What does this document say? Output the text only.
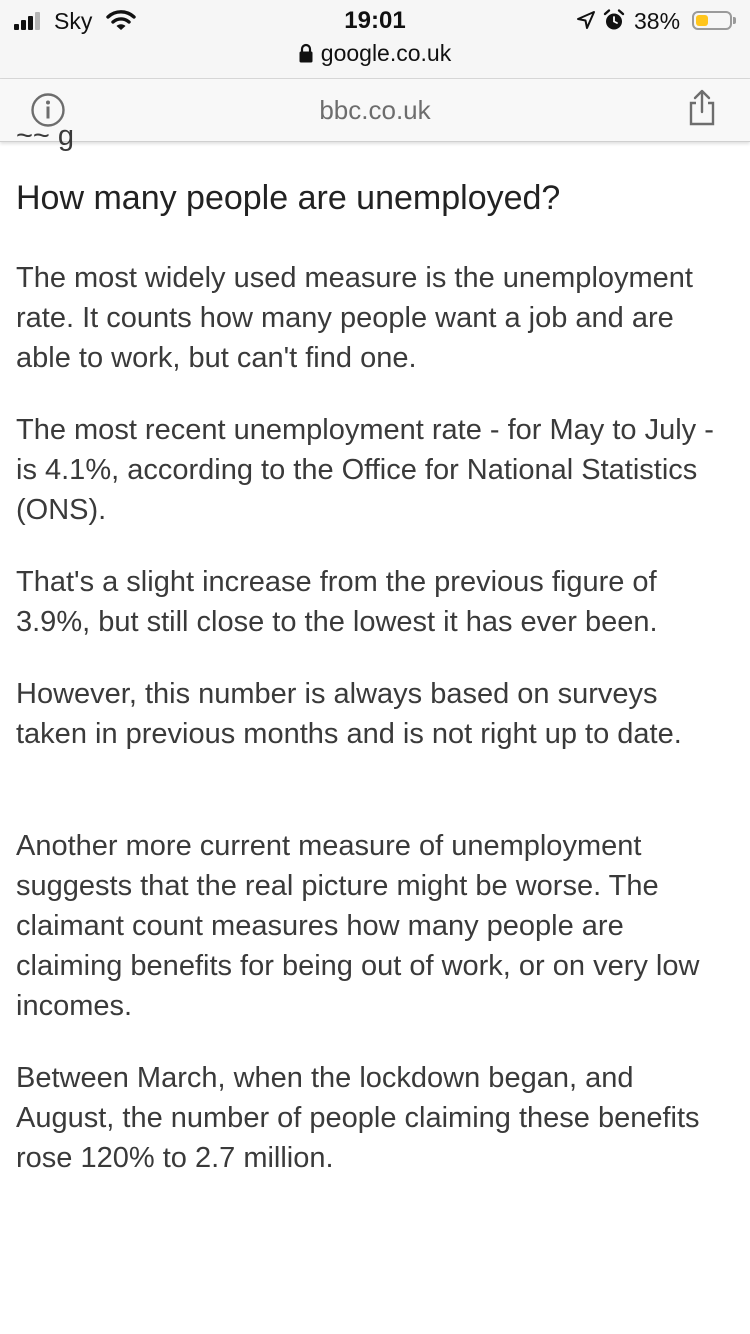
Sky	19:01	38%
google.co.uk
bbc.co.uk
~~ g
How many people are unemployed?

The most widely used measure is the unemployment rate. It counts how many people want a job and are able to work, but can't find one.

The most recent unemployment rate - for May to July - is 4.1%, according to the Office for National Statistics (ONS).

That's a slight increase from the previous figure of 3.9%, but still close to the lowest it has ever been.

However, this number is always based on surveys taken in previous months and is not right up to date.

Another more current measure of unemployment suggests that the real picture might be worse. The claimant count measures how many people are claiming benefits for being out of work, or on very low incomes.

Between March, when the lockdown began, and August, the number of people claiming these benefits rose 120% to 2.7 million.
